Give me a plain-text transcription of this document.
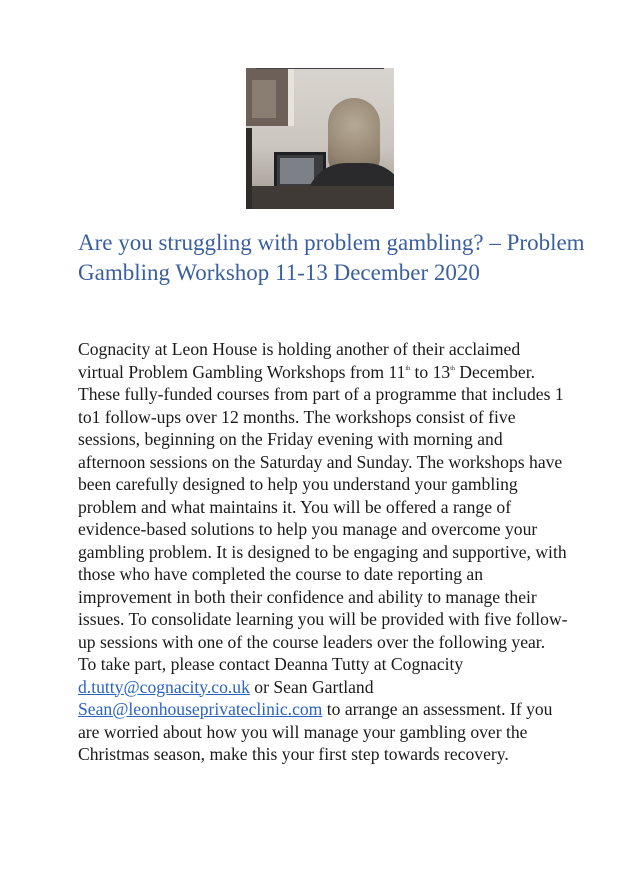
Are you struggling with problem gambling? – Problem Gambling Workshop 11-13 December 2020

Cognacity at Leon House is holding another of their acclaimed virtual Problem Gambling Workshops from 11th to 13th December. These fully-funded courses from part of a programme that includes 1 to1 follow-ups over 12 months. The workshops consist of five sessions, beginning on the Friday evening with morning and afternoon sessions on the Saturday and Sunday. The workshops have been carefully designed to help you understand your gambling problem and what maintains it. You will be offered a range of evidence-based solutions to help you manage and overcome your gambling problem. It is designed to be engaging and supportive, with those who have completed the course to date reporting an improvement in both their confidence and ability to manage their issues. To consolidate learning you will be provided with five follow-up sessions with one of the course leaders over the following year.

To take part, please contact Deanna Tutty at Cognacity d.tutty@cognacity.co.uk or Sean Gartland Sean@leonhouseprivateclinic.com to arrange an assessment. If you are worried about how you will manage your gambling over the Christmas season, make this your first step towards recovery.
